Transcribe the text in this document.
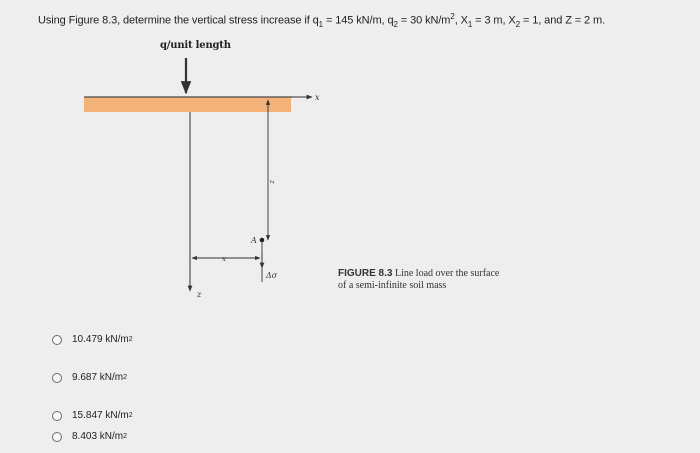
Using Figure 8.3, determine the vertical stress increase if $q_1 = 145$ kN/m, $q_2 = 30$ $kN/m^2$, $X_1 = 3$ m, $X_2 = 1$, and Z = 2 m.
q/unit length
x
z
z
x
A
Δσ	FIGURE 8.3 Line load over the surface
of a semi-infinite soil mass
10.479 kN/m 2
9.687 kN/m 2
15.847 kN/m 2
8.403 kN/m 2
